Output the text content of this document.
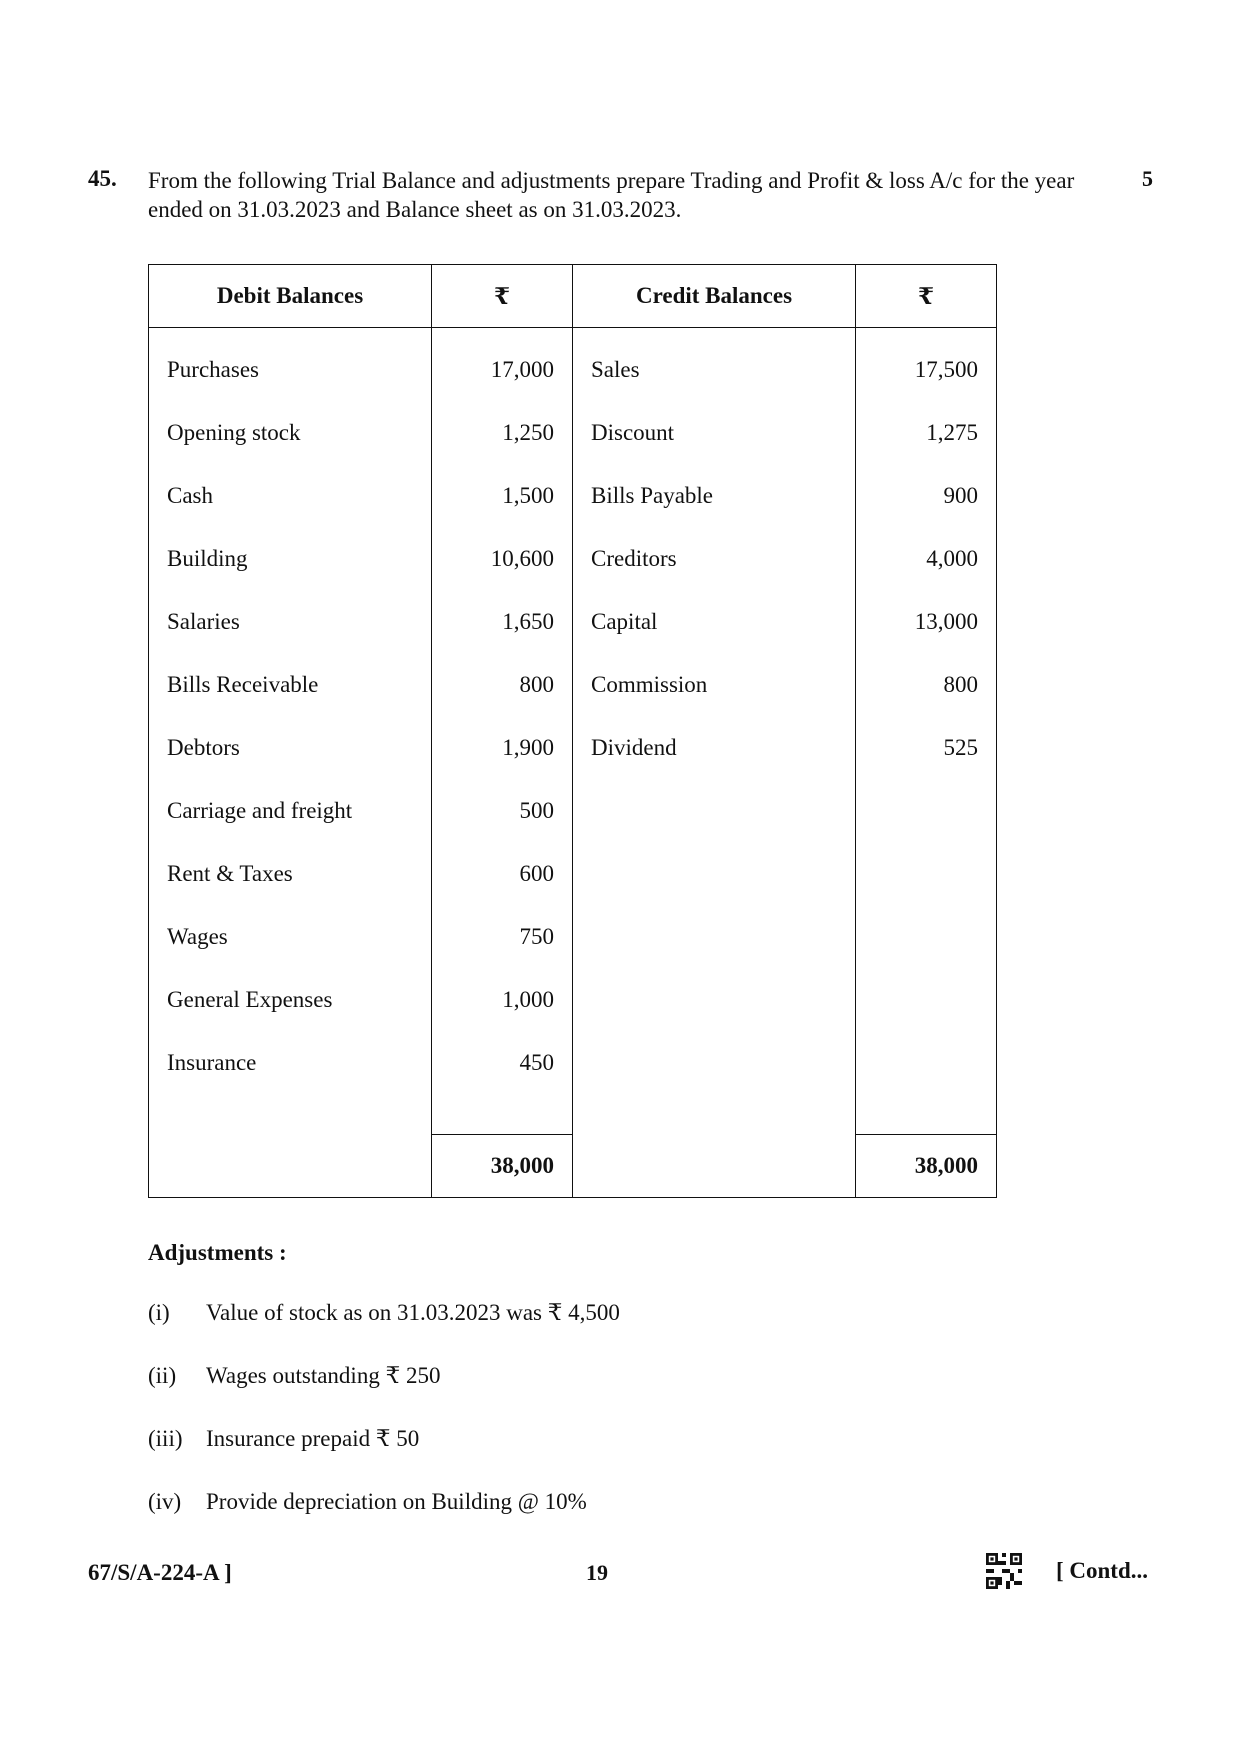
45. From the following Trial Balance and adjustments prepare Trading and Profit & loss A/c for the year ended on 31.03.2023 and Balance sheet as on 31.03.2023.
5
Debit Balances	₹	Credit Balances	₹
Purchases	17,000	Sales	17,500
Opening stock	1,250	Discount	1,275
Cash	1,500	Bills Payable	900
Building	10,600	Creditors	4,000
Salaries	1,650	Capital	13,000
Bills Receivable	800	Commission	800
Debtors	1,900	Dividend	525
Carriage and freight	500		
Rent & Taxes	600		
Wages	750		
General Expenses	1,000		
Insurance	450		

	38,000		38,000
Adjustments :
(i) Value of stock as on 31.03.2023 was ₹ 4,500
(ii) Wages outstanding ₹ 250
(iii) Insurance prepaid ₹ 50
(iv) Provide depreciation on Building @ 10%
67/S/A-224-A ]	19	[ Contd...
